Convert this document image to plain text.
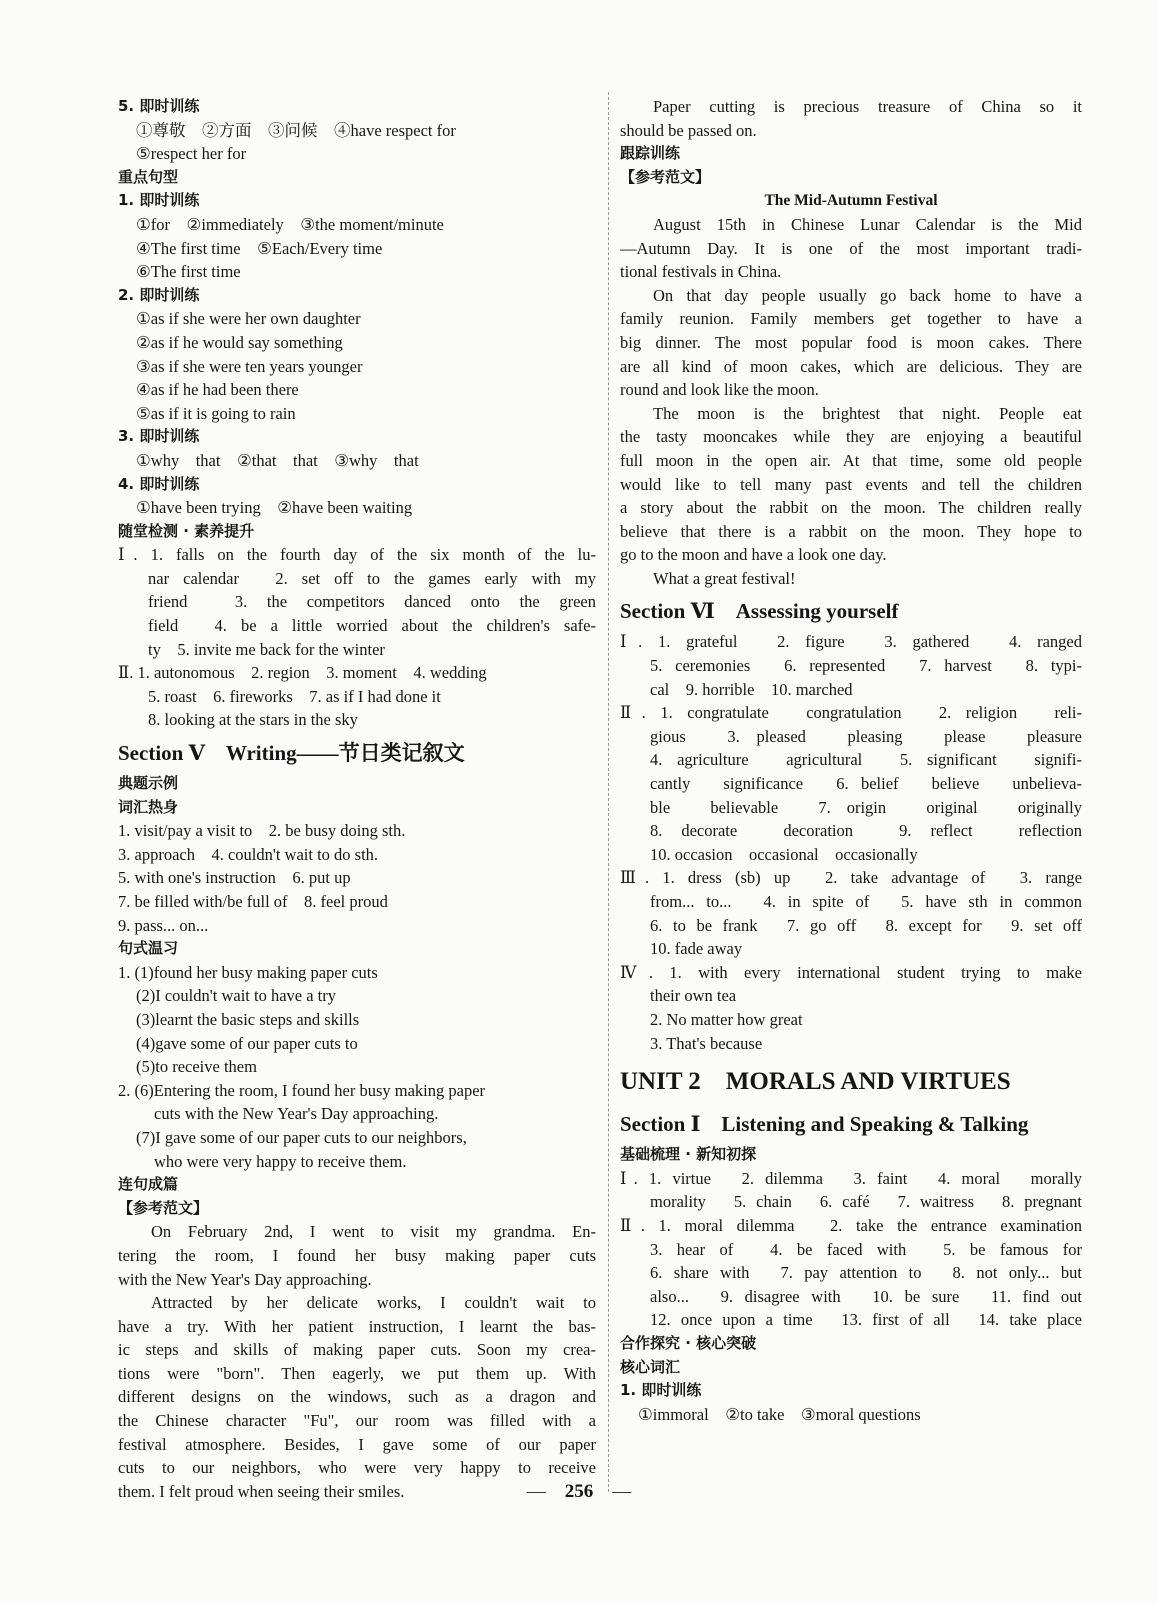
5. 即时训练
①尊敬　②方面　③问候　④have respect for
⑤respect her for
重点句型
1. 即时训练
①for　②immediately　③the moment/minute
④The first time　⑤Each/Every time
⑥The first time
2. 即时训练
①as if she were her own daughter
②as if he would say something
③as if she were ten years younger
④as if he had been there
⑤as if it is going to rain
3. 即时训练
①why　that　②that　that　③why　that
4. 即时训练
①have been trying　②have been waiting
随堂检测 · 素养提升
Ⅰ. 1. falls on the fourth day of the six month of the lu-
nar calendar　2. set off to the games early with my
friend　3. the competitors danced onto the green
field　4. be a little worried about the children's safe-
ty　5. invite me back for the winter
Ⅱ. 1. autonomous　2. region　3. moment　4. wedding
5. roast　6. fireworks　7. as if I had done it
8. looking at the stars in the sky
Section Ⅴ　Writing——节日类记叙文
典题示例
词汇热身
1. visit/pay a visit to　2. be busy doing sth.
3. approach　4. couldn't wait to do sth.
5. with one's instruction　6. put up
7. be filled with/be full of　8. feel proud
9. pass... on...
句式温习
1. (1)found her busy making paper cuts
(2)I couldn't wait to have a try
(3)learnt the basic steps and skills
(4)gave some of our paper cuts to
(5)to receive them
2. (6)Entering the room, I found her busy making paper
cuts with the New Year's Day approaching.
(7)I gave some of our paper cuts to our neighbors,
who were very happy to receive them.
连句成篇
【参考范文】
On February 2nd, I went to visit my grandma. En-
tering the room, I found her busy making paper cuts
with the New Year's Day approaching.
Attracted by her delicate works, I couldn't wait to
have a try. With her patient instruction, I learnt the bas-
ic steps and skills of making paper cuts. Soon my crea-
tions were "born". Then eagerly, we put them up. With
different designs on the windows, such as a dragon and
the Chinese character "Fu", our room was filled with a
festival atmosphere. Besides, I gave some of our paper
cuts to our neighbors, who were very happy to receive
them. I felt proud when seeing their smiles.
Paper cutting is precious treasure of China so it
should be passed on.
跟踪训练
【参考范文】
The Mid-Autumn Festival
August 15th in Chinese Lunar Calendar is the Mid
—Autumn Day. It is one of the most important tradi-
tional festivals in China.
On that day people usually go back home to have a
family reunion. Family members get together to have a
big dinner. The most popular food is moon cakes. There
are all kind of moon cakes, which are delicious. They are
round and look like the moon.
The moon is the brightest that night. People eat
the tasty mooncakes while they are enjoying a beautiful
full moon in the open air. At that time, some old people
would like to tell many past events and tell the children
a story about the rabbit on the moon. The children really
believe that there is a rabbit on the moon. They hope to
go to the moon and have a look one day.
What a great festival!
Section Ⅵ　Assessing yourself
Ⅰ. 1. grateful　2. figure　3. gathered　4. ranged
5. ceremonies　6. represented　7. harvest　8. typi-
cal　9. horrible　10. marched
Ⅱ. 1. congratulate　congratulation　2. religion　reli-
gious　3. pleased　pleasing　please　pleasure
4. agriculture　agricultural　5. significant　signifi-
cantly　significance　6. belief　believe　unbelieva-
ble　believable　7. origin　original　originally
8. decorate　decoration　9. reflect　reflection
10. occasion　occasional　occasionally
Ⅲ. 1. dress (sb) up　2. take advantage of　3. range
from... to...　4. in spite of　5. have sth in common
6. to be frank　7. go off　8. except for　9. set off
10. fade away
Ⅳ. 1. with every international student trying to make
their own tea
2. No matter how great
3. That's because
UNIT 2　MORALS AND VIRTUES
Section Ⅰ　Listening and Speaking & Talking
基础梳理 · 新知初探
Ⅰ. 1. virtue　2. dilemma　3. faint　4. moral　morally
morality　5. chain　6. café　7. waitress　8. pregnant
Ⅱ. 1. moral dilemma　2. take the entrance examination
3. hear of　4. be faced with　5. be famous for
6. share with　7. pay attention to　8. not only... but
also...　9. disagree with　10. be sure　11. find out
12. once upon a time　13. first of all　14. take place
合作探究 · 核心突破
核心词汇
1. 即时训练
①immoral　②to take　③moral questions
—　256　—
